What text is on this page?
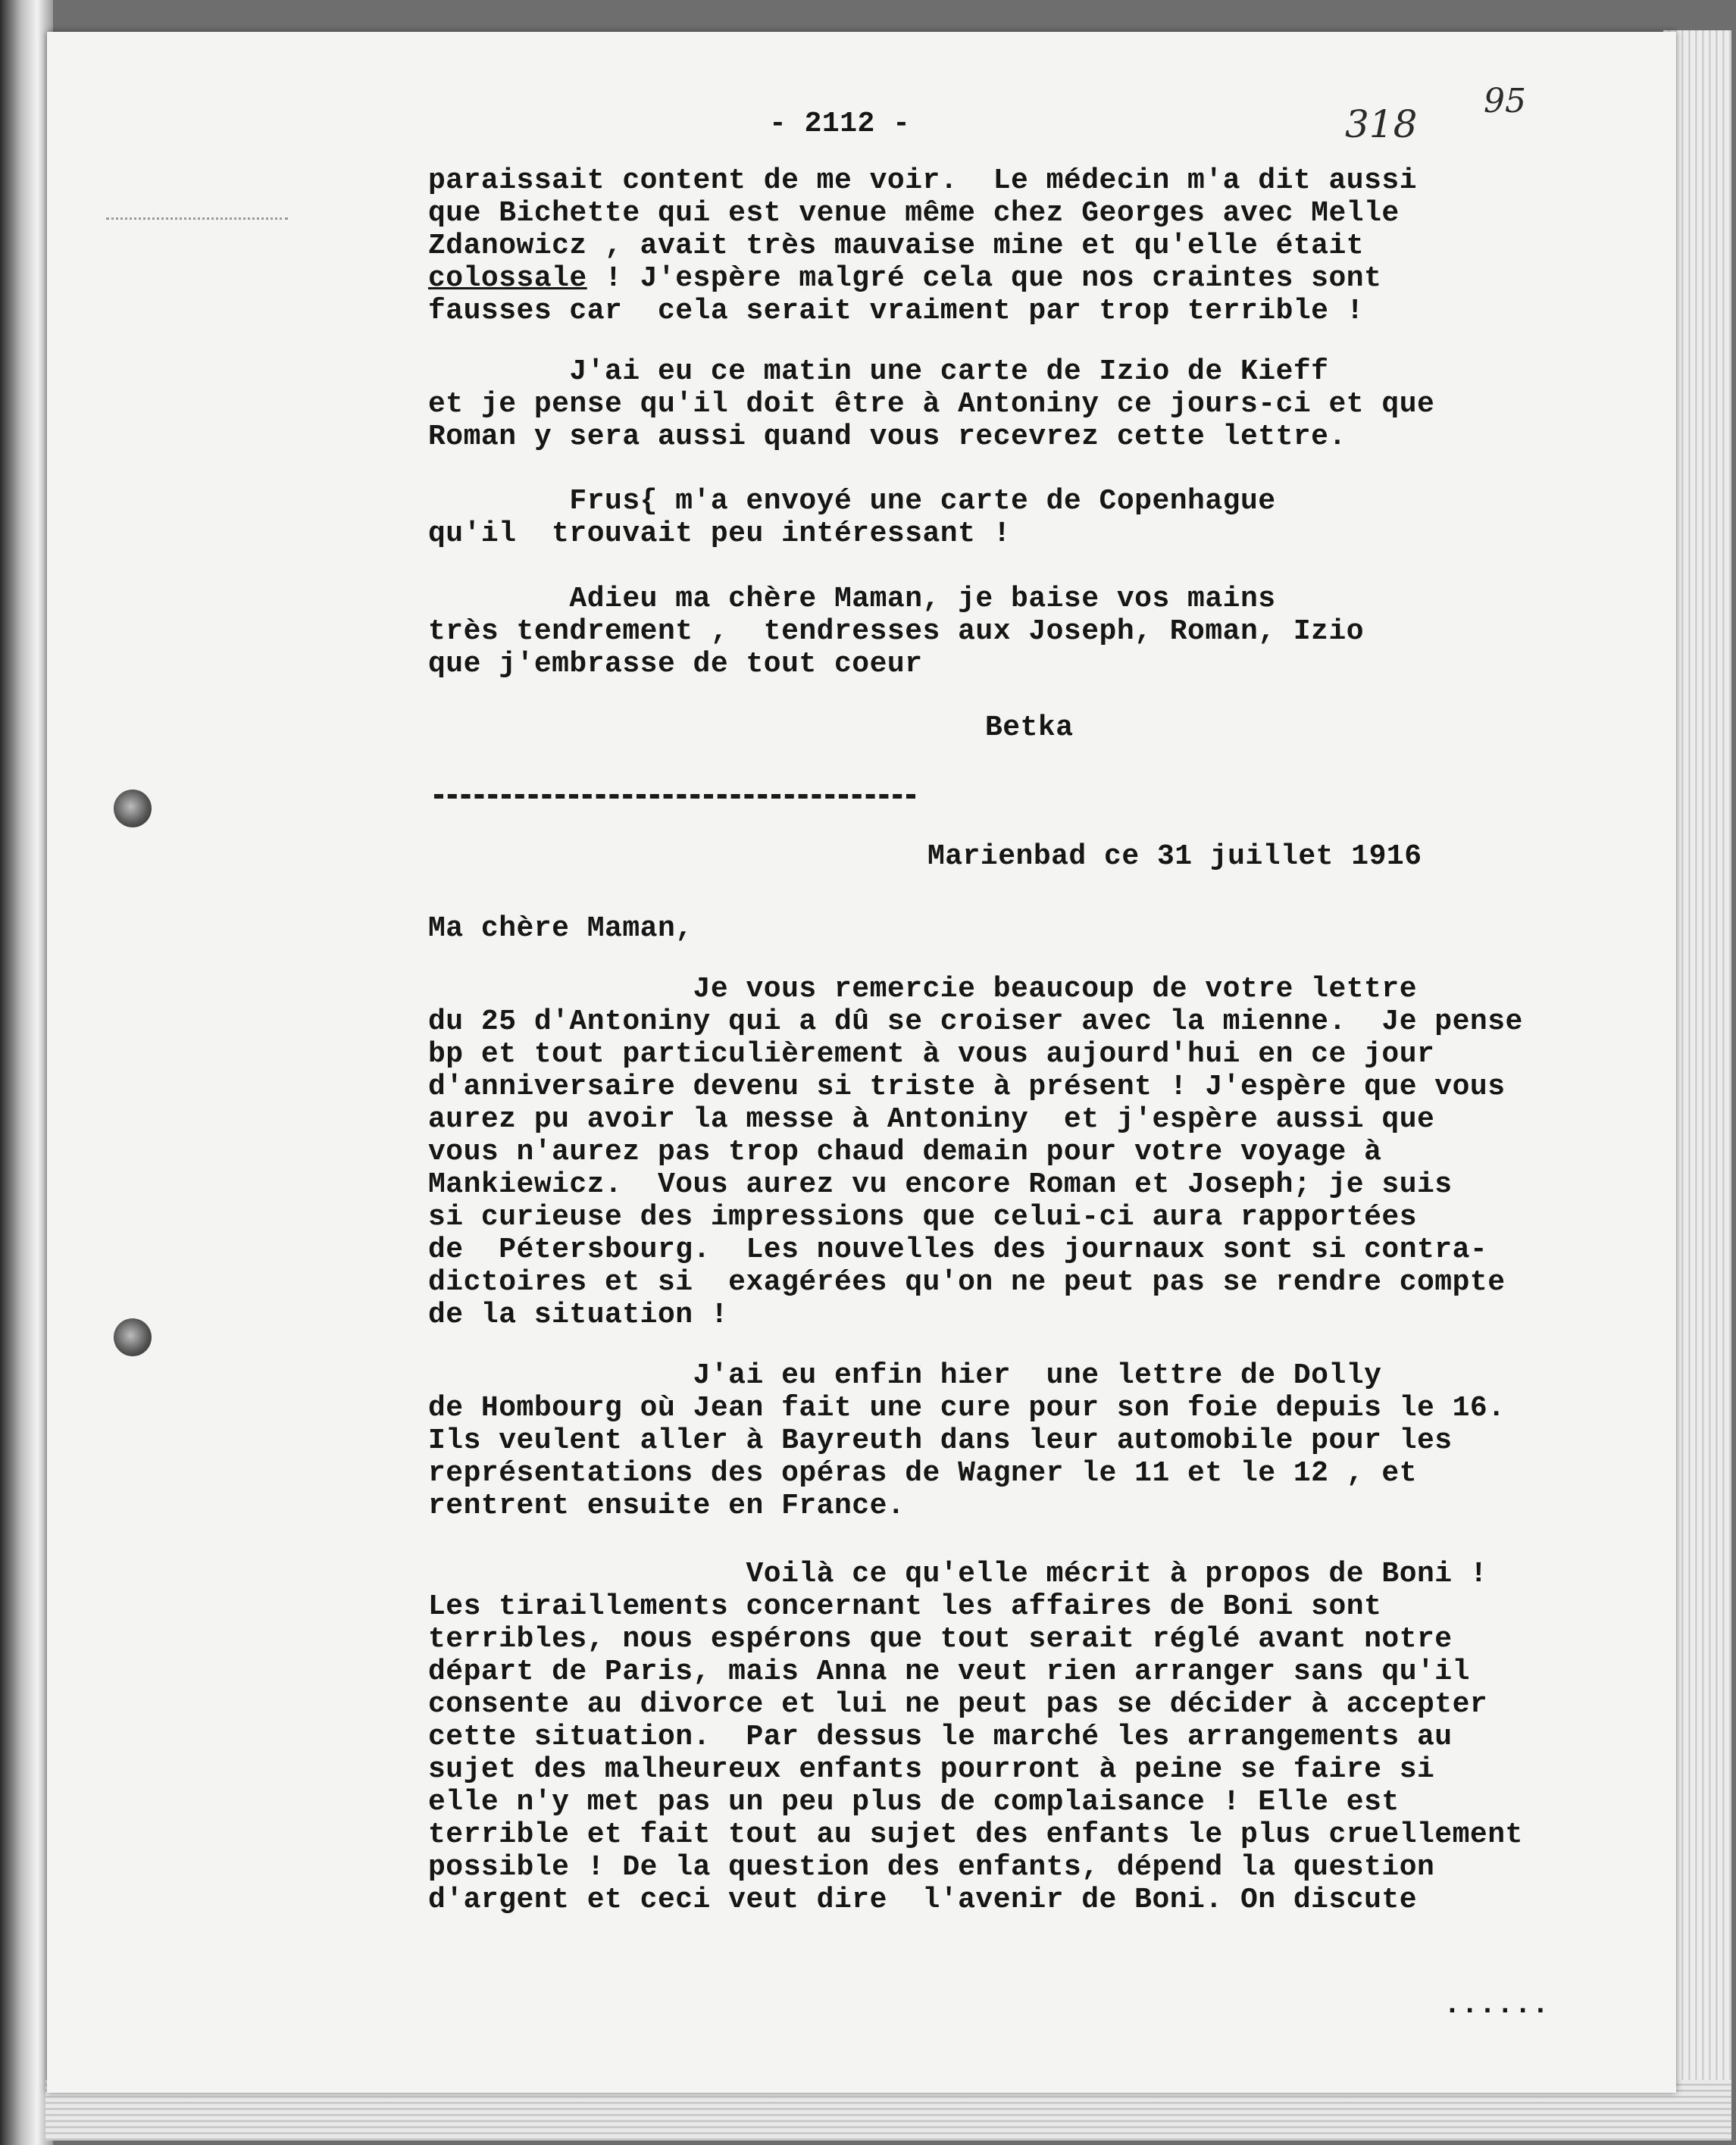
- 2112 -	318
95
paraissait content de me voir.  Le médecin m'a dit aussi
que Bichette qui est venue même chez Georges avec Melle
Zdanowicz , avait très mauvaise mine et qu'elle était
colossale ! J'espère malgré cela que nos craintes sont
fausses car  cela serait vraiment par trop terrible !
J'ai eu ce matin une carte de Izio de Kieff
et je pense qu'il doit être à Antoniny ce jours-ci et que
Roman y sera aussi quand vous recevrez cette lettre.
Frus{ m'a envoyé une carte de Copenhague
qu'il  trouvait peu intéressant !
Adieu ma chère Maman, je baise vos mains
très tendrement ,  tendresses aux Joseph, Roman, Izio
que j'embrasse de tout coeur
Betka
Marienbad ce 31 juillet 1916
Ma chère Maman,
Je vous remercie beaucoup de votre lettre
du 25 d'Antoniny qui a dû se croiser avec la mienne.  Je pense
bp et tout particulièrement à vous aujourd'hui en ce jour
d'anniversaire devenu si triste à présent ! J'espère que vous
aurez pu avoir la messe à Antoniny  et j'espère aussi que
vous n'aurez pas trop chaud demain pour votre voyage à
Mankiewicz.  Vous aurez vu encore Roman et Joseph; je suis
si curieuse des impressions que celui-ci aura rapportées
de  Pétersbourg.  Les nouvelles des journaux sont si contra-
dictoires et si  exagérées qu'on ne peut pas se rendre compte
de la situation !
J'ai eu enfin hier  une lettre de Dolly
de Hombourg où Jean fait une cure pour son foie depuis le 16.
Ils veulent aller à Bayreuth dans leur automobile pour les
représentations des opéras de Wagner le 11 et le 12 , et
rentrent ensuite en France.
Voilà ce qu'elle mécrit à propos de Boni !
Les tiraillements concernant les affaires de Boni sont
terribles, nous espérons que tout serait réglé avant notre
départ de Paris, mais Anna ne veut rien arranger sans qu'il
consente au divorce et lui ne peut pas se décider à accepter
cette situation.  Par dessus le marché les arrangements au
sujet des malheureux enfants pourront à peine se faire si
elle n'y met pas un peu plus de complaisance ! Elle est
terrible et fait tout au sujet des enfants le plus cruellement
possible ! De la question des enfants, dépend la question
d'argent et ceci veut dire  l'avenir de Boni. On discute
......
